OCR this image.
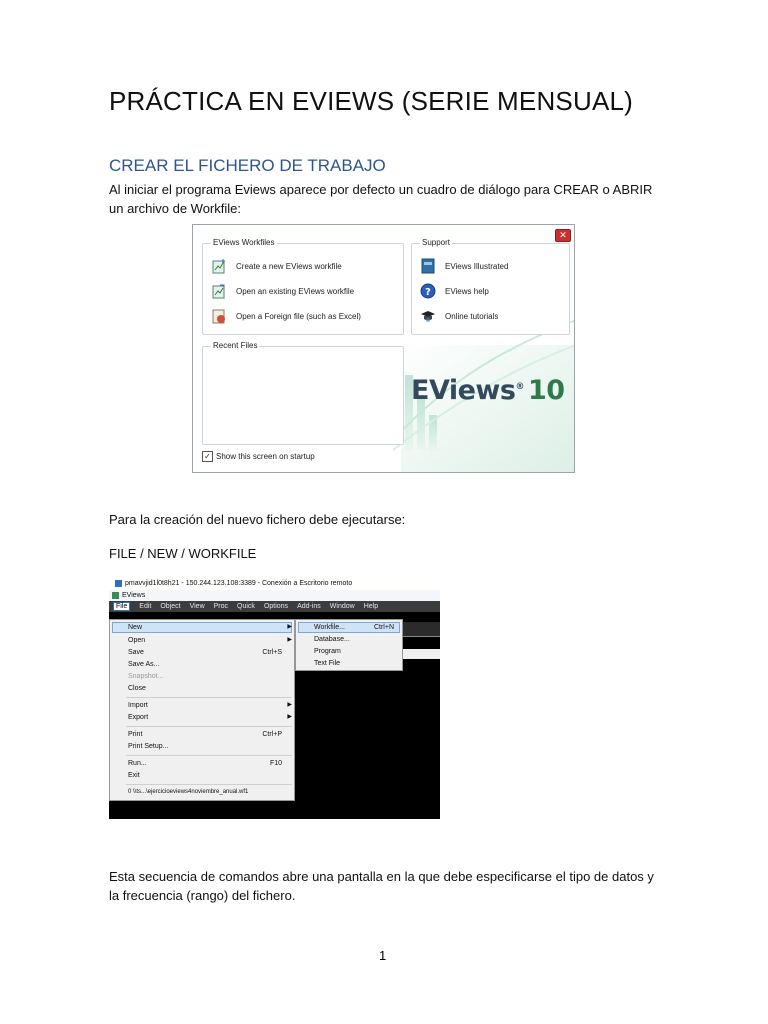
PRÁCTICA EN EVIEWS (SERIE MENSUAL)
CREAR EL FICHERO DE TRABAJO

Al iniciar el programa Eviews aparece por defecto un cuadro de diálogo para CREAR o ABRIR un archivo de Workfile:

✕
EViews Workfiles
Create a new EViews workfile
Open an existing EViews workfile
Open a Foreign file (such as Excel)
Support
EViews Illustrated
? EViews help
Online tutorials
Recent Files
EViews® 10
✓ Show this screen on startup

Para la creación del nuevo fichero debe ejecutarse:

FILE / NEW / WORKFILE

pmavvjid1l0t8h21 - 150.244.123.108:3389 - Conexión a Escritorio remoto
EViews
File	Edit Object View Proc Quick Options Add-ins Window Help
New	▶
Open	▶
Save	Ctrl+S
Save As...
Snapshot...
Close
Import	▶
Export	▶
Print	Ctrl+P
Print Setup...
Run...	F10
Exit
0 \\ts...\ejercicioeviews4noviembre_anual.wf1
Workfile...	Ctrl+N
Database...
Program
Text File

Esta secuencia de comandos abre una pantalla en la que debe especificarse el tipo de datos y la frecuencia (rango) del fichero.

1
